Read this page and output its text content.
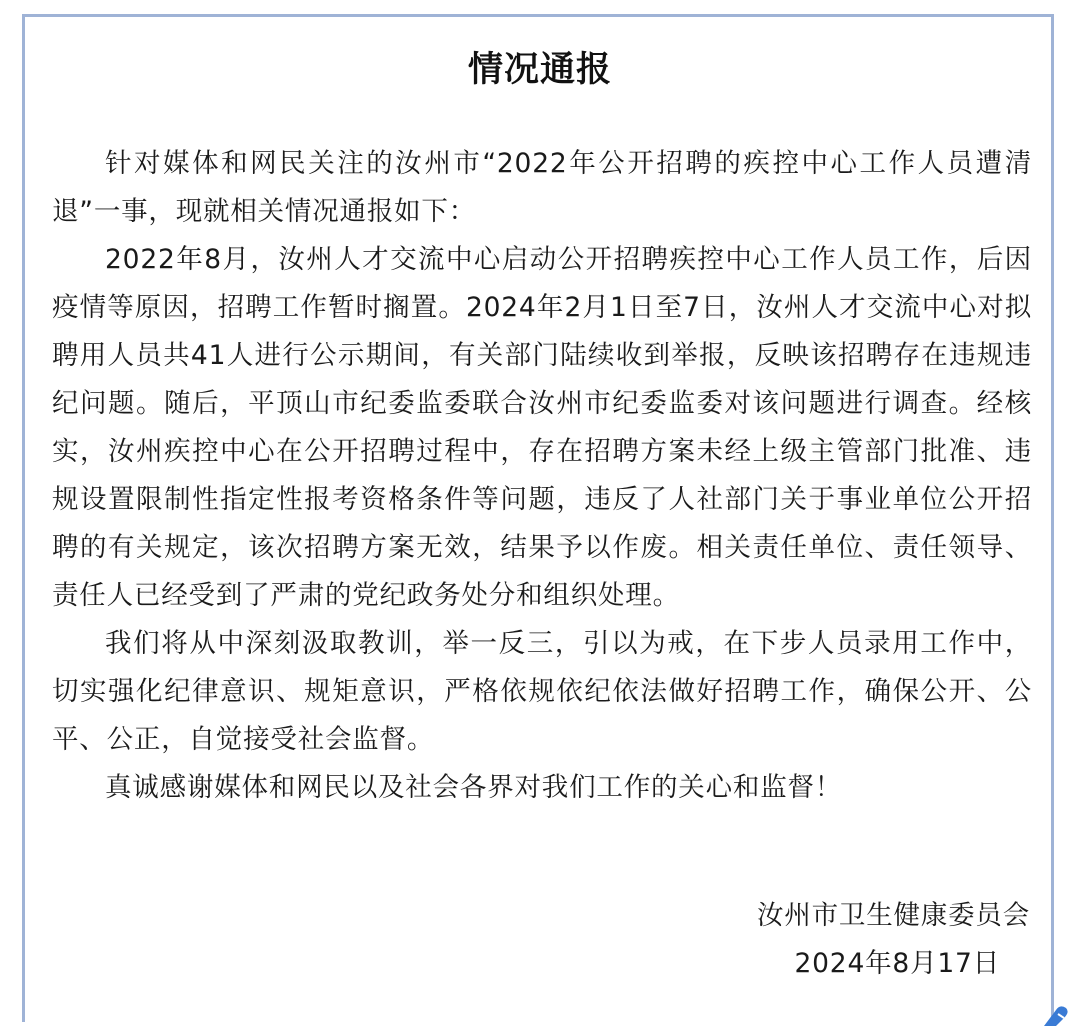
情况通报

针对媒体和网民关注的汝州市“2022年公开招聘的疾控中心工作人员遭清退”一事，现就相关情况通报如下：

2022年8月，汝州人才交流中心启动公开招聘疾控中心工作人员工作，后因疫情等原因，招聘工作暂时搁置。2024年2月1日至7日，汝州人才交流中心对拟聘用人员共41人进行公示期间，有关部门陆续收到举报，反映该招聘存在违规违纪问题。随后，平顶山市纪委监委联合汝州市纪委监委对该问题进行调查。经核实，汝州疾控中心在公开招聘过程中，存在招聘方案未经上级主管部门批准、违规设置限制性指定性报考资格条件等问题，违反了人社部门关于事业单位公开招聘的有关规定，该次招聘方案无效，结果予以作废。相关责任单位、责任领导、责任人已经受到了严肃的党纪政务处分和组织处理。

我们将从中深刻汲取教训，举一反三，引以为戒，在下步人员录用工作中，切实强化纪律意识、规矩意识，严格依规依纪依法做好招聘工作，确保公开、公平、公正，自觉接受社会监督。

真诚感谢媒体和网民以及社会各界对我们工作的关心和监督！

汝州市卫生健康委员会
2024年8月17日
